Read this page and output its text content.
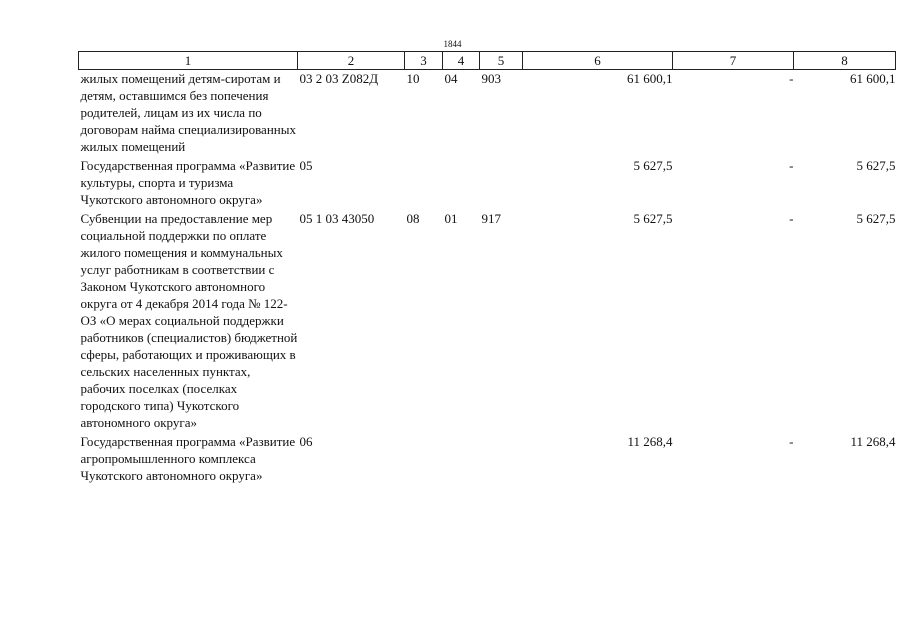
1844
1	2	3	4	5	6	7	8
жилых помещений детям-сиротам и детям, оставшимся без попечения родителей, лицам из их числа по договорам найма специализированных жилых помещений	03 2 03 Z082Д	10	04	903	61 600,1	-	61 600,1
Государственная программа «Развитие культуры, спорта и туризма Чукотского автономного округа»	05				5 627,5	-	5 627,5
Субвенции на предоставление мер социальной поддержки по оплате жилого помещения и коммунальных услуг работникам в соответствии с Законом Чукотского автономного округа от 4 декабря 2014 года № 122-ОЗ «О мерах социальной поддержки работников (специалистов) бюджетной сферы, работающих и проживающих в сельских населенных пунктах, рабочих поселках (поселках городского типа) Чукотского автономного округа»	05 1 03 43050	08	01	917	5 627,5	-	5 627,5
Государственная программа «Развитие агропромышленного комплекса Чукотского автономного округа»	06				11 268,4	-	11 268,4
